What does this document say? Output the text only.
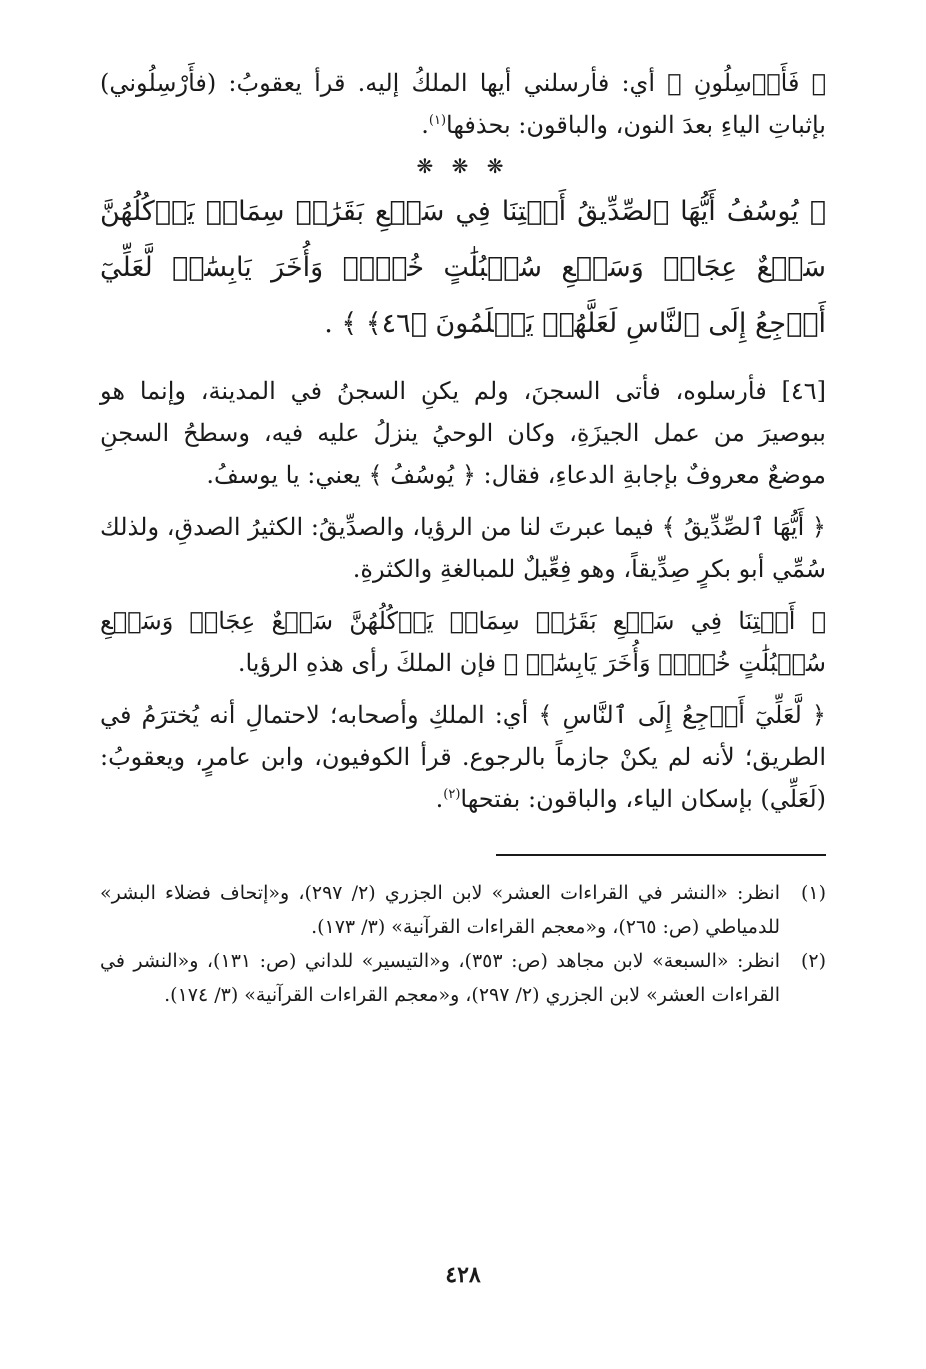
﴿ فَأَرۡسِلُونِ ﴾ أي: فأرسلني أيها الملكُ إليه. قرأ يعقوبُ: (فأَرْسِلُوني) بإثباتِ الياءِ بعدَ النون، والباقون: بحذفها$^{(١)}$.

❋ ❋ ❋

﴿ يُوسُفُ أَيُّهَا ٱلصِّدِّيقُ أَفۡتِنَا فِي سَبۡعِ بَقَرَٰتٖ سِمَانٖ يَأۡكُلُهُنَّ سَبۡعٌ عِجَافٞ وَسَبۡعِ سُنۢبُلَٰتٍ خُضۡرٖ وَأُخَرَ يَابِسَٰتٖ لَّعَلِّيٓ أَرۡجِعُ إِلَى ٱلنَّاسِ لَعَلَّهُمۡ يَعۡلَمُونَ ﴿٤٦﴾ ﴾ .

[٤٦] فأرسلوه، فأتى السجنَ، ولم يكنِ السجنُ في المدينة، وإنما هو ببوصيرَ من عمل الجيزَةِ، وكان الوحيُ ينزلُ عليه فيه، وسطحُ السجنِ موضعٌ معروفٌ بإجابةِ الدعاءِ، فقال: ﴿ يُوسُفُ ﴾ يعني: يا يوسفُ.

﴿ أَيُّهَا ٱلصِّدِّيقُ ﴾ فيما عبرتَ لنا من الرؤيا، والصدِّيقُ: الكثيرُ الصدقِ، ولذلك سُمِّي أبو بكرٍ صِدِّيقاً، وهو فِعِّيلٌ للمبالغةِ والكثرةِ.

﴿ أَفۡتِنَا فِي سَبۡعِ بَقَرَٰتٖ سِمَانٖ يَأۡكُلُهُنَّ سَبۡعٌ عِجَافٞ وَسَبۡعِ سُنۢبُلَٰتٍ خُضۡرٖ وَأُخَرَ يَابِسَٰتٖ ﴾ فإن الملكَ رأى هذهِ الرؤيا.

﴿ لَّعَلِّيٓ أَرۡجِعُ إِلَى ٱلنَّاسِ ﴾ أي: الملكِ وأصحابه؛ لاحتمالِ أنه يُخترَمُ في الطريق؛ لأنه لم يكنْ جازماً بالرجوع. قرأ الكوفيون، وابن عامرٍ، ويعقوبُ: (لَعَلِّي) بإسكان الياء، والباقون: بفتحها$^{(٢)}$.

(١)
انظر: «النشر في القراءات العشر» لابن الجزري (٢/ ٢٩٧)، و«إتحاف فضلاء البشر» للدمياطي (ص: ٢٦٥)، و«معجم القراءات القرآنية» (٣/ ١٧٣).
(٢)
انظر: «السبعة» لابن مجاهد (ص: ٣٥٣)، و«التيسير» للداني (ص: ١٣١)، و«النشر في القراءات العشر» لابن الجزري (٢/ ٢٩٧)، و«معجم القراءات القرآنية» (٣/ ١٧٤).
٤٢٨
